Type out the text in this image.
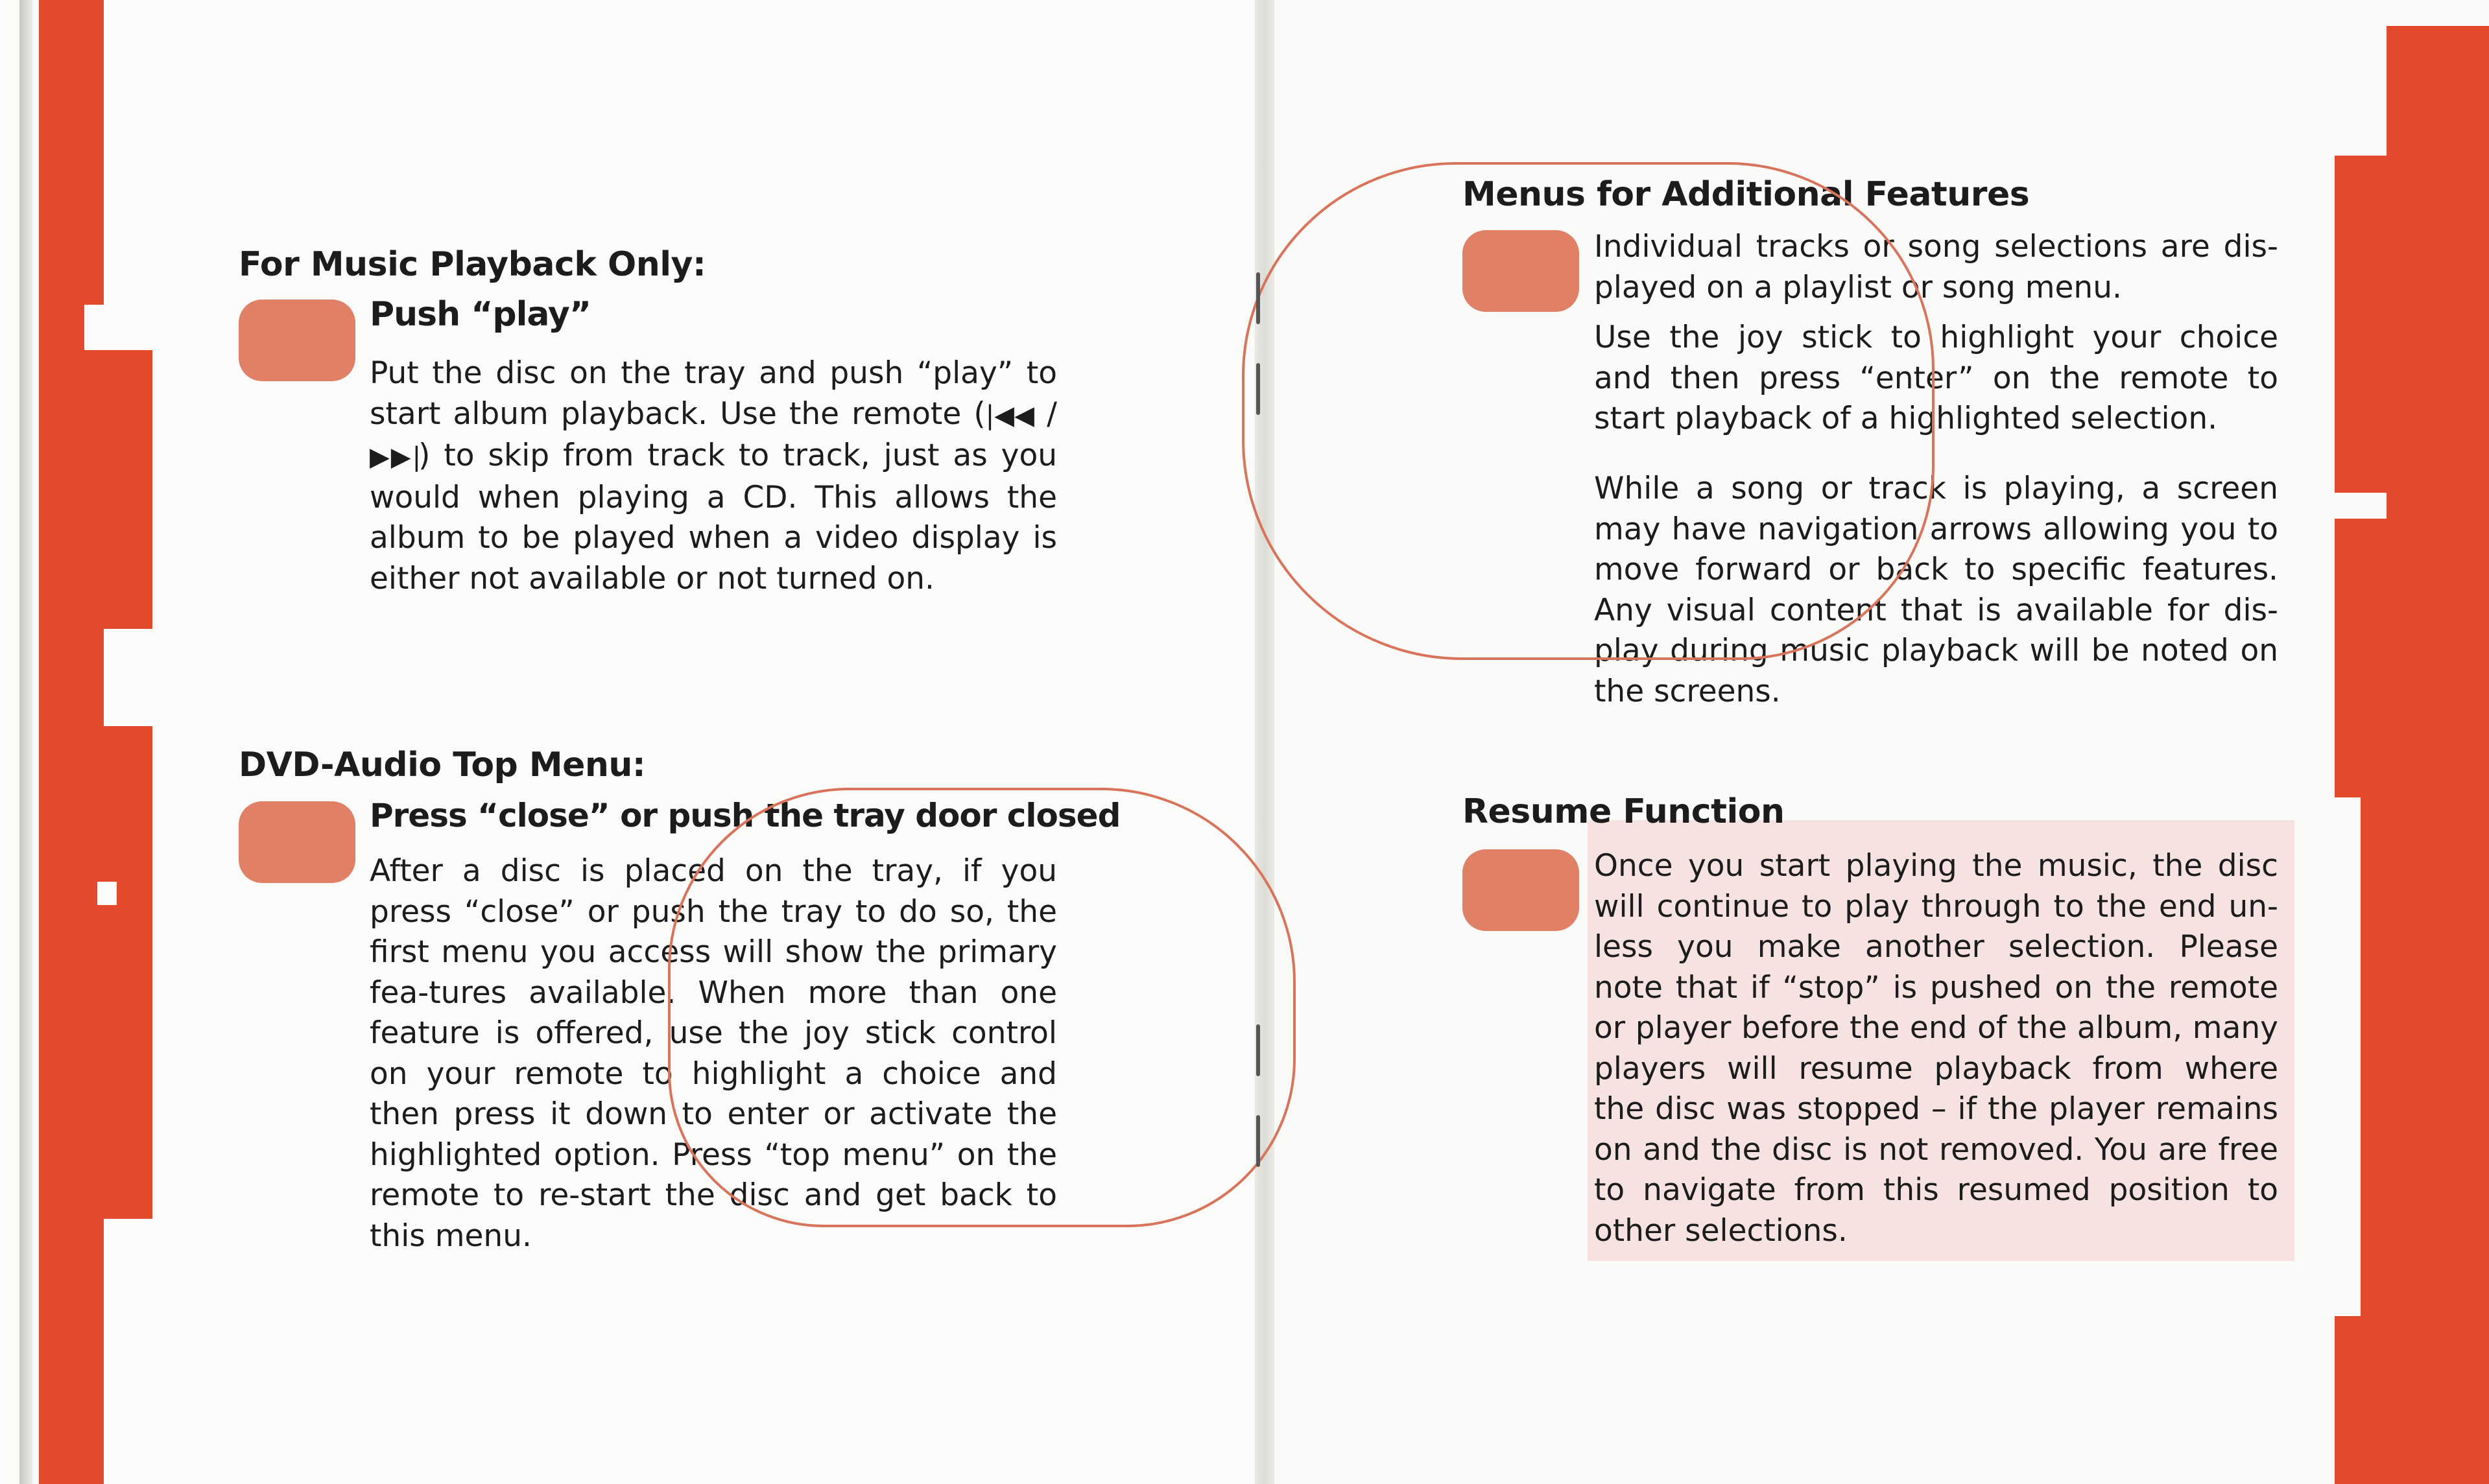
For Music Playback Only:
Push “play”
Put the disc on the tray and push “play” to start album playback. Use the remote (|◀◀ / ▶▶|) to skip from track to track, just as you would when playing a CD. This allows the album to be played when a video display is either not available or not turned on.
DVD-Audio Top Menu:
Press “close” or push the tray door closed
After a disc is placed on the tray, if you press “close” or push the tray to do so, the first menu you access will show the primary fea-tures available. When more than one feature is offered, use the joy stick control on your remote to highlight a choice and then press it down to enter or activate the highlighted option. Press “top menu” on the remote to re-start the disc and get back to this menu.
Menus for Additional Features
Individual tracks or song selections are dis-played on a playlist or song menu.
Use the joy stick to highlight your choice and then press “enter” on the remote to start playback of a highlighted selection.
While a song or track is playing, a screen may have navigation arrows allowing you to move forward or back to specific features. Any visual content that is available for dis-play during music playback will be noted on the screens.
Resume Function
Once you start playing the music, the disc will continue to play through to the end un-less you make another selection. Please note that if “stop” is pushed on the remote or player before the end of the album, many players will resume playback from where the disc was stopped – if the player remains on and the disc is not removed. You are free to navigate from this resumed position to other selections.
